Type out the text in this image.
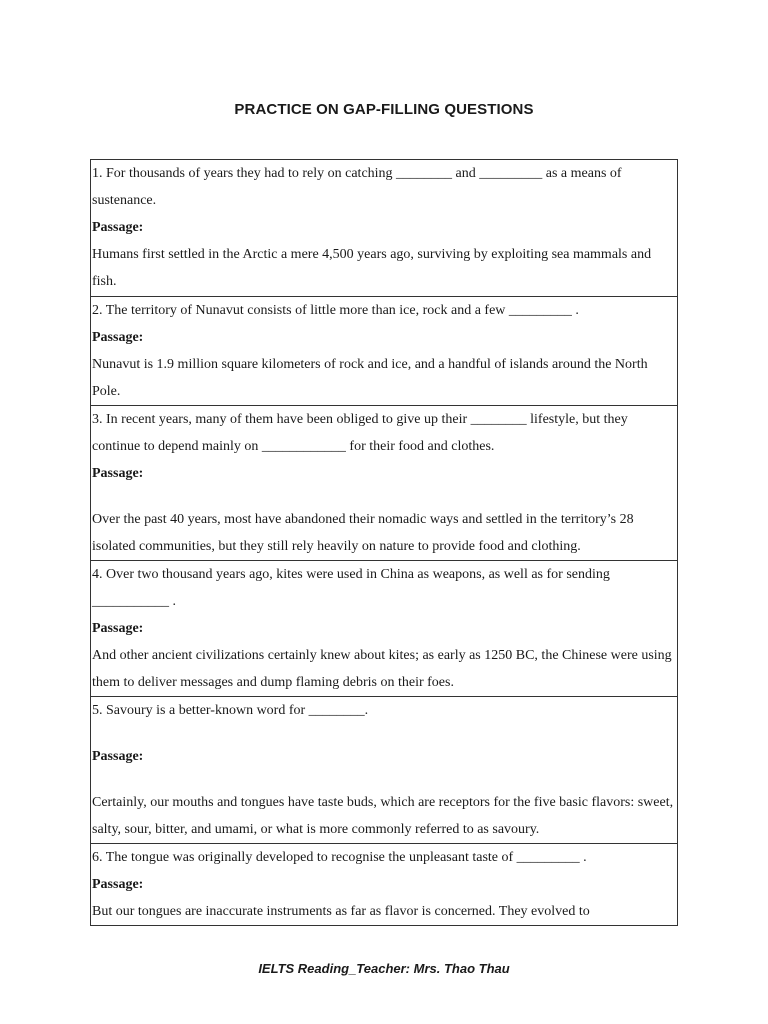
PRACTICE ON GAP-FILLING QUESTIONS

1. For thousands of years they had to rely on catching ________ and _________ as a means of sustenance.

Passage:

Humans first settled in the Arctic a mere 4,500 years ago, surviving by exploiting sea mammals and fish.

2. The territory of Nunavut consists of little more than ice, rock and a few _________ .

Passage:

Nunavut is 1.9 million square kilometers of rock and ice, and a handful of islands around the North Pole.

3. In recent years, many of them have been obliged to give up their ________ lifestyle, but they continue to depend mainly on ____________ for their food and clothes.

Passage:

Over the past 40 years, most have abandoned their nomadic ways and settled in the territory’s 28 isolated communities, but they still rely heavily on nature to provide food and clothing.

4. Over two thousand years ago, kites were used in China as weapons, as well as for sending ___________ .

Passage:

And other ancient civilizations certainly knew about kites; as early as 1250 BC, the Chinese were using them to deliver messages and dump flaming debris on their foes.

5. Savoury is a better-known word for ________.

Passage:

Certainly, our mouths and tongues have taste buds, which are receptors for the five basic flavors: sweet, salty, sour, bitter, and umami, or what is more commonly referred to as savoury.

6. The tongue was originally developed to recognise the unpleasant taste of _________ .

Passage:

But our tongues are inaccurate instruments as far as flavor is concerned. They evolved to

IELTS Reading_Teacher: Mrs. Thao Thau
